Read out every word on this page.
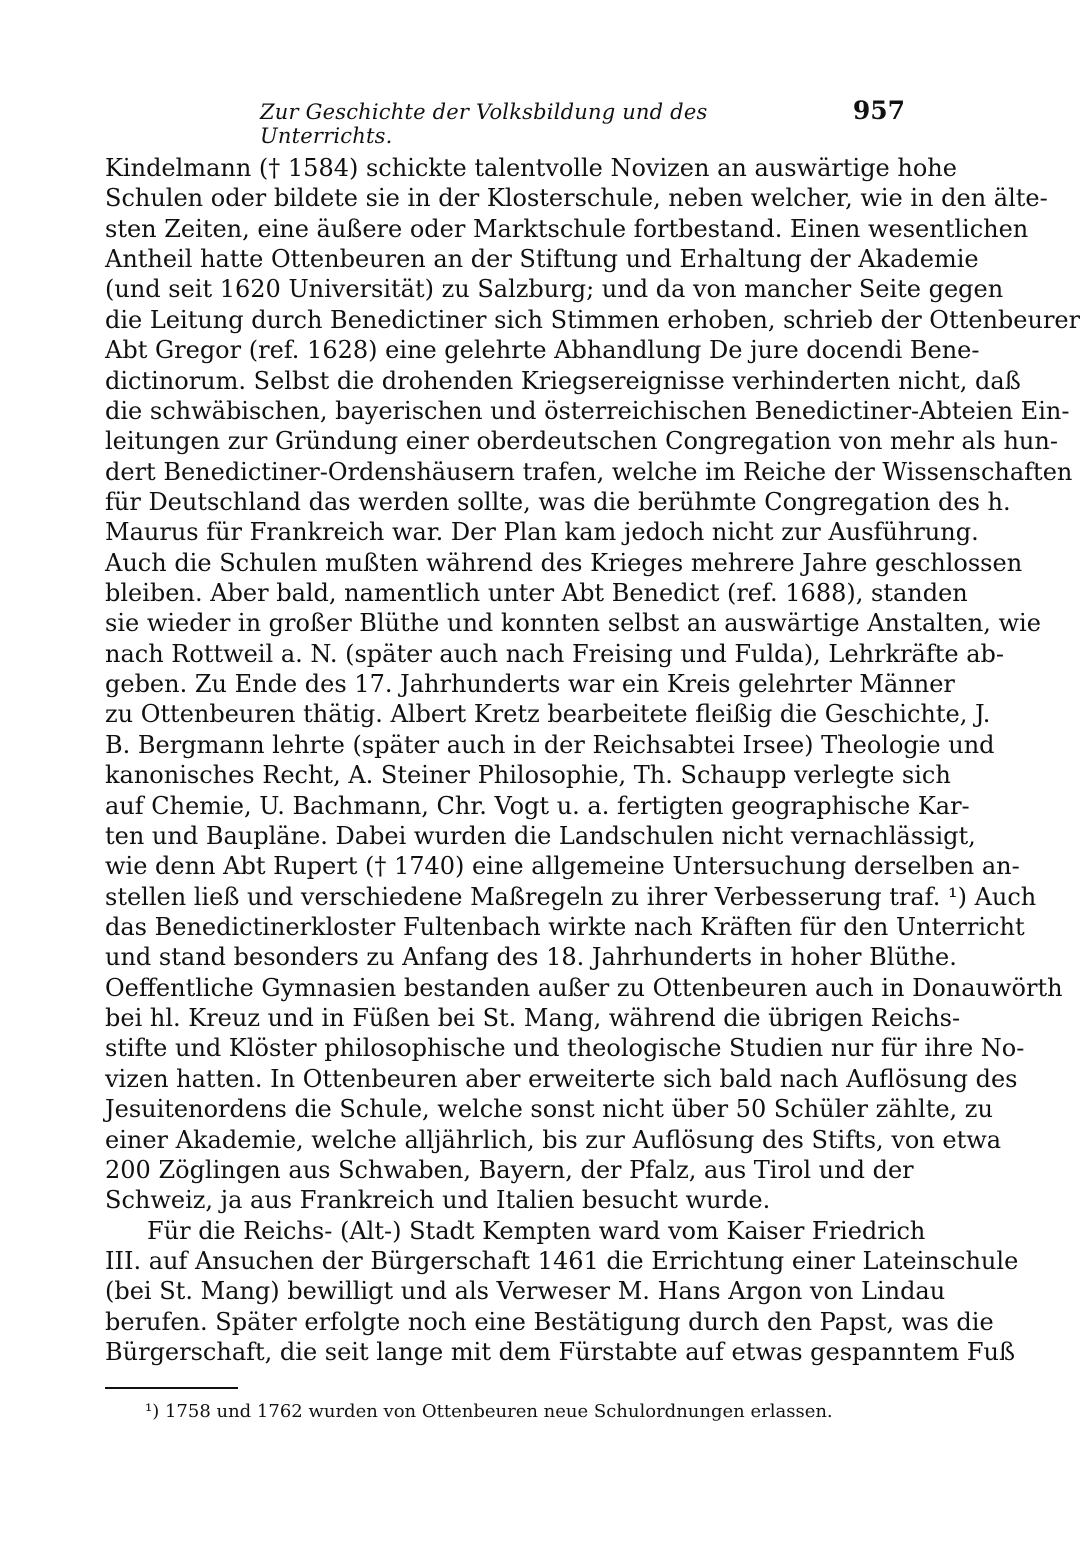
Zur Geschichte der Volksbildung und des Unterrichts.
957
Kindelmann († 1584) schickte talentvolle Novizen an auswärtige hohe
Schulen oder bildete sie in der Klosterschule, neben welcher, wie in den älte-
sten Zeiten, eine äußere oder Marktschule fortbestand. Einen wesentlichen
Antheil hatte Ottenbeuren an der Stiftung und Erhaltung der Akademie
(und seit 1620 Universität) zu Salzburg; und da von mancher Seite gegen
die Leitung durch Benedictiner sich Stimmen erhoben, schrieb der Ottenbeurer
Abt Gregor (ref. 1628) eine gelehrte Abhandlung De jure docendi Bene-
dictinorum. Selbst die drohenden Kriegsereignisse verhinderten nicht, daß
die schwäbischen, bayerischen und österreichischen Benedictiner-Abteien Ein-
leitungen zur Gründung einer oberdeutschen Congregation von mehr als hun-
dert Benedictiner-Ordenshäusern trafen, welche im Reiche der Wissenschaften
für Deutschland das werden sollte, was die berühmte Congregation des h.
Maurus für Frankreich war. Der Plan kam jedoch nicht zur Ausführung.
Auch die Schulen mußten während des Krieges mehrere Jahre geschlossen
bleiben. Aber bald, namentlich unter Abt Benedict (ref. 1688), standen
sie wieder in großer Blüthe und konnten selbst an auswärtige Anstalten, wie
nach Rottweil a. N. (später auch nach Freising und Fulda), Lehrkräfte ab-
geben. Zu Ende des 17. Jahrhunderts war ein Kreis gelehrter Männer
zu Ottenbeuren thätig. Albert Kretz bearbeitete fleißig die Geschichte, J.
B. Bergmann lehrte (später auch in der Reichsabtei Irsee) Theologie und
kanonisches Recht, A. Steiner Philosophie, Th. Schaupp verlegte sich
auf Chemie, U. Bachmann, Chr. Vogt u. a. fertigten geographische Kar-
ten und Baupläne. Dabei wurden die Landschulen nicht vernachlässigt,
wie denn Abt Rupert († 1740) eine allgemeine Untersuchung derselben an-
stellen ließ und verschiedene Maßregeln zu ihrer Verbesserung traf. ¹) Auch
das Benedictinerkloster Fultenbach wirkte nach Kräften für den Unterricht
und stand besonders zu Anfang des 18. Jahrhunderts in hoher Blüthe.
Oeffentliche Gymnasien bestanden außer zu Ottenbeuren auch in Donauwörth
bei hl. Kreuz und in Füßen bei St. Mang, während die übrigen Reichs-
stifte und Klöster philosophische und theologische Studien nur für ihre No-
vizen hatten. In Ottenbeuren aber erweiterte sich bald nach Auflösung des
Jesuitenordens die Schule, welche sonst nicht über 50 Schüler zählte, zu
einer Akademie, welche alljährlich, bis zur Auflösung des Stifts, von etwa
200 Zöglingen aus Schwaben, Bayern, der Pfalz, aus Tirol und der
Schweiz, ja aus Frankreich und Italien besucht wurde.
Für die Reichs- (Alt-) Stadt Kempten ward vom Kaiser Friedrich
III. auf Ansuchen der Bürgerschaft 1461 die Errichtung einer Lateinschule
(bei St. Mang) bewilligt und als Verweser M. Hans Argon von Lindau
berufen. Später erfolgte noch eine Bestätigung durch den Papst, was die
Bürgerschaft, die seit lange mit dem Fürstabte auf etwas gespanntem Fuß
¹) 1758 und 1762 wurden von Ottenbeuren neue Schulordnungen erlassen.
